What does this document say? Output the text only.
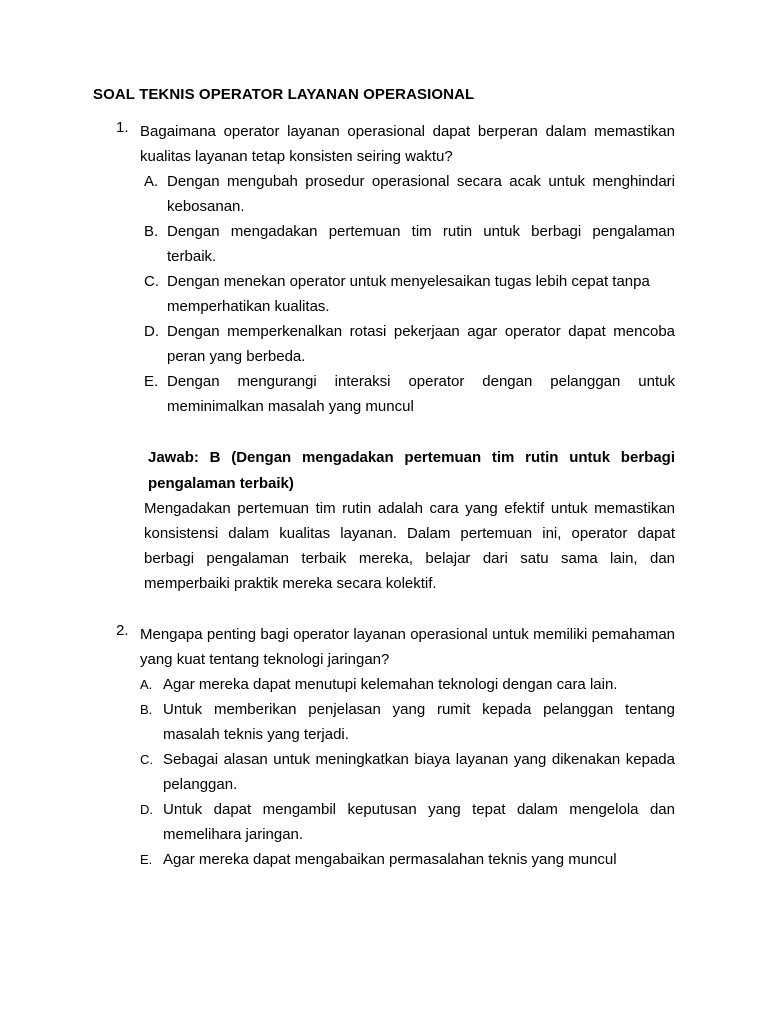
SOAL TEKNIS OPERATOR LAYANAN OPERASIONAL
1. Bagaimana operator layanan operasional dapat berperan dalam memastikan kualitas layanan tetap konsisten seiring waktu?
A. Dengan mengubah prosedur operasional secara acak untuk menghindari kebosanan.
B. Dengan mengadakan pertemuan tim rutin untuk berbagi pengalaman terbaik.
C. Dengan menekan operator untuk menyelesaikan tugas lebih cepat tanpa memperhatikan kualitas.
D. Dengan memperkenalkan rotasi pekerjaan agar operator dapat mencoba peran yang berbeda.
E. Dengan mengurangi interaksi operator dengan pelanggan untuk meminimalkan masalah yang muncul
Jawab: B (Dengan mengadakan pertemuan tim rutin untuk berbagi pengalaman terbaik)
Mengadakan pertemuan tim rutin adalah cara yang efektif untuk memastikan konsistensi dalam kualitas layanan. Dalam pertemuan ini, operator dapat berbagi pengalaman terbaik mereka, belajar dari satu sama lain, dan memperbaiki praktik mereka secara kolektif.
2. Mengapa penting bagi operator layanan operasional untuk memiliki pemahaman yang kuat tentang teknologi jaringan?
A. Agar mereka dapat menutupi kelemahan teknologi dengan cara lain.
B. Untuk memberikan penjelasan yang rumit kepada pelanggan tentang masalah teknis yang terjadi.
C. Sebagai alasan untuk meningkatkan biaya layanan yang dikenakan kepada pelanggan.
D. Untuk dapat mengambil keputusan yang tepat dalam mengelola dan memelihara jaringan.
E. Agar mereka dapat mengabaikan permasalahan teknis yang muncul
